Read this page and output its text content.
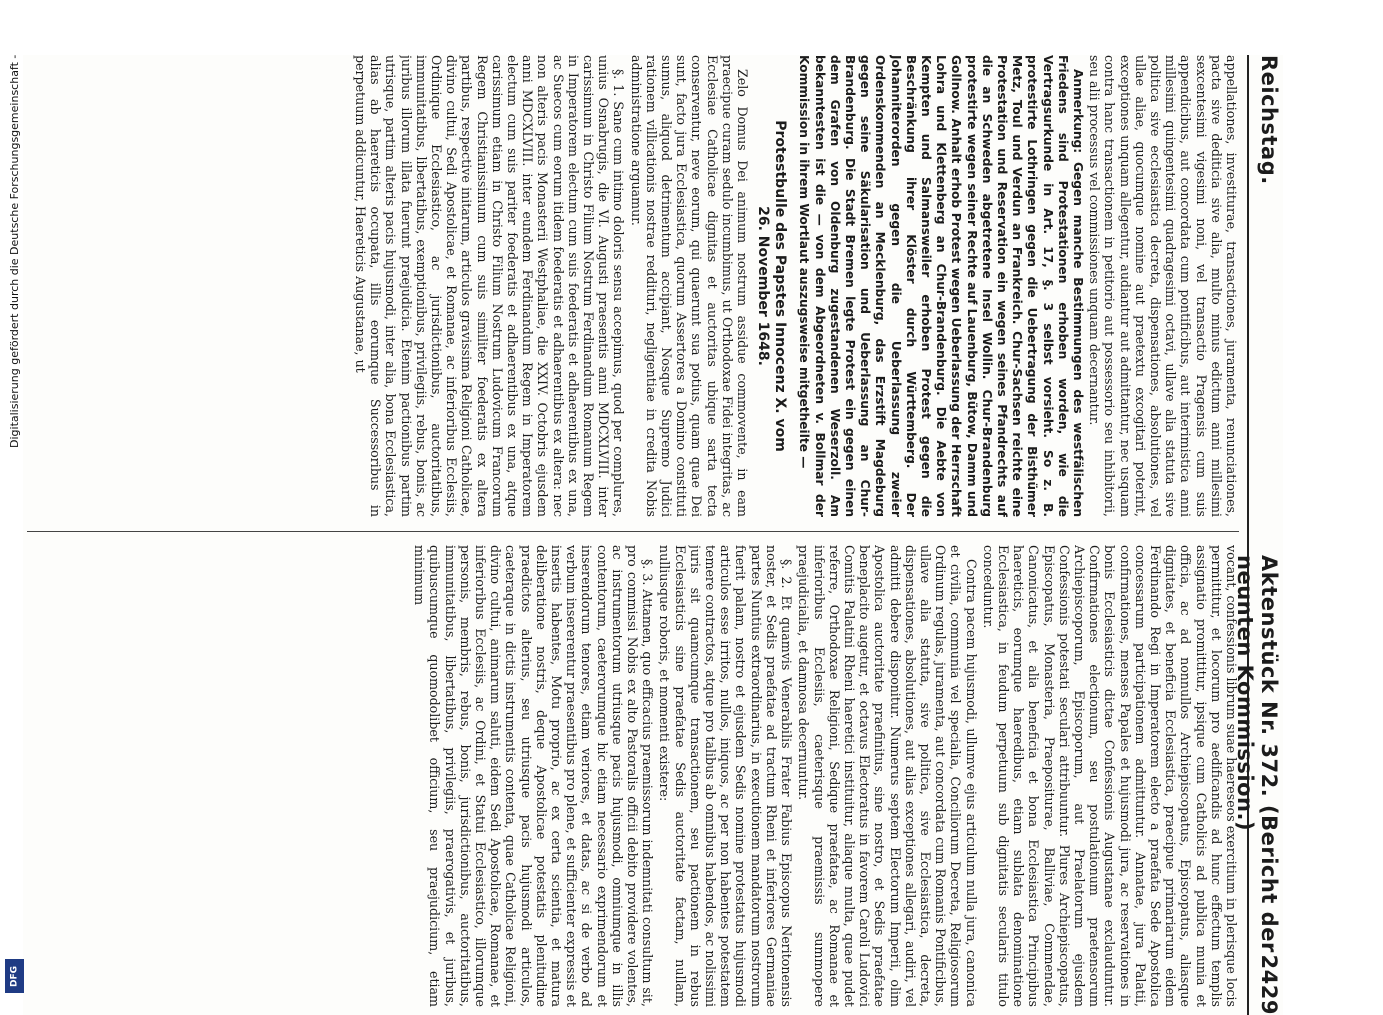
Reichstag.
Aktenstück Nr. 372. (Bericht der neunten Kommission.)
2429

appellationes, investiturae, transactiones, juramenta, renunciationes, pacta sive dediticia sive alia, multo minus edictum anni millesimi sexcentesimi vigesimi noni, vel transactio Pragensis cum suis appendicibus, aut concordata cum pontificibus, aut interimistica anni millesimi quingentesimi quadragesimi octavi, ullave alia statuta sive politica sive ecclesiastica decreta, dispensationes, absolutiones, vel ullae aliae, quocumque nomine aut praetextu excogitari poterint, exceptiones unquam allegentur, audiantur aut admittantur, nec usquam contra hanc transactionem in petitorio aut possessorio seu inhibitorii, seu alii processus vel commissiones unquam decernantur.

Anmerkung: Gegen manche Bestimmungen des westfälischen Friedens sind Protestationen erhoben worden, wie die Vertragsurkunde in Art. 17, §. 3 selbst vorsieht. So z. B. protestirte Lothringen gegen die Uebertragung der Bisthümer Metz, Toul und Verdun an Frankreich. Chur-Sachsen reichte eine Protestation und Reservation ein wegen seines Pfandrechts auf die an Schweden abgetretene Insel Wollin. Chur-Brandenburg protestirte wegen seiner Rechte auf Lauenburg, Bütow, Damm und Gollnow. Anhalt erhob Protest wegen Ueberlassung der Herrschaft Lohra und Klettenberg an Chur-Brandenburg. Die Aebte von Kempten und Salmansweiler erhoben Protest gegen die Beschränkung ihrer Klöster durch Württemberg. Der Johanniterorden gegen die Ueberlassung zweier Ordenskommenden an Mecklenburg, das Erzstift Magdeburg gegen seine Säkularisation und Ueberlassung an Chur-Brandenburg. Die Stadt Bremen legte Protest ein gegen einen dem Grafen von Oldenburg zugestandenen Weserzoll. Am bekanntesten ist die — von dem Abgeordneten v. Bollmar der Kommission in ihrem Wortlaut auszugsweise mitgetheilte —

Protestbulle des Papstes Innocenz X. vom
26. November 1648.

Zelo Domus Dei animum nostrum assidue commovente, in eam praecipue curam sedulo incumbimus, ut Orthodoxae Fidei integritas, ac Ecclesiae Catholicae dignitas et auctoritas ubique sarta tecta conserventur, neve eorum, qui quaerunt sua potius, quam quae Dei sunt, facto jura Ecclesiastica, quorum Assertores a Domino constituti sumus, aliquod detrimentum accipiant, Nosque Supremo Judici rationem villicationis nostrae reddituri, negligentiae in credita Nobis administratione arguamur.

§. 1. Sane cum intimo doloris sensu accepimus, quod per complures, unius Osnabrugis, die VI. Augusti praesentis anni MDCXLVIII. inter carissimum in Christo Filium Nostrum Ferdinandum Romanum Regem in Imperatorem electum cum suis foederatis et adhaerentibus ex una, ac Suecos cum eorum itidem foederatis et adhaerentibus ex altera: nec non alteris pacis Monasterii Westphaliae, die XXIV. Octobris ejusdem anni MDCXLVIII. inter eundem Ferdinandum Regem in Imperatorem electum cum suis pariter foederatis et adhaerentibus ex una, atque carissimum etiam in Christo Filium Nostrum Ludovicum Francorum Regem Christianissimum cum suis similiter foederatis ex altera partibus, respective initarum, articulos gravissima Religioni Catholicae, divino cultui, Sedi Apostolicae, et Romanae, ac inferioribus Ecclesiis, Ordinique Ecclesiastico, ac jurisdictionibus, auctoritatibus, immunitatibus, libertatibus, exemptionibus, privilegiis, rebus, bonis, ac juribus illorum illata fuerunt praejudicia. Etenim pactionibus partim utrisque, partim alteris pacis hujusmodi, inter alia, bona Ecclesiastica, alias ab haereticis occupata, illis eorumque Successoribus in perpetuum addicuntur, Haereticis Augustanae, ut

vocant, confessionis librum suae haereseos exercitium in plerisque locis permittitur, et locorum pro aedificandis ad hunc effectum templis assignatio promittitur, ipsique cum Catholicis ad publica munia et officia, ac ad nonnullos Archiepiscopatus, Episcopatus, aliasque dignitates, et beneficia Ecclesiastica, praecipue primariarum eidem Ferdinando Regi in Imperatorem electo a praefata Sede Apostolica concessarum participationem admittuntur. Annatae, jura Palatii, confirmationes, menses Papales et hujusmodi jura, ac reservationes in bonis Ecclesiasticis dictae Confessionis Augustanae exclauduntur. Confirmationes electionum, seu postulationum praetensorum Archiepiscoporum, Episcoporum, aut Praelatorum ejusdem Confessionis potestati seculari attribuuntur. Plures Archiepiscopatus, Episcopatus, Monasteria, Praepositurae, Balliviae, Commendae, Canonicatus, et alia beneficia et bona Ecclesiastica Principibus haereticis, eorumque haeredibus, etiam sublata denominatione Ecclesiastica, in feudum perpetuum sub dignitatis secularis titulo conceduntur.

Contra pacem hujusmodi, ullumve ejus articulum nulla jura, canonica et civilia, communia vel specialia, Conciliorum Decreta, Religiosorum Ordinum regulas, juramenta, aut concordata cum Romanis Pontificibus, ullave alia statuta, sive politica, sive Ecclesiastica, decreta, dispensationes, absolutiones, aut alias exceptiones allegari, audiri, vel admitti debere disponitur. Numerus septem Electorum Imperii, olim Apostolica auctoritate praefinitus, sine nostro, et Sedis praefatae beneplacito augetur, et octavus Electoratus in favorem Caroli Ludovici Comitis Palatini Rheni haeretici instituitur, aliaque multa, quae pudet referre, Orthodoxae Religioni, Sedique praefatae, ac Romanae et inferioribus Ecclesiis, caeterisque praemissis summopere praejudicialia, et damnosa decernuntur.

§. 2. Et quamvis Venerabilis Frater Fabius Episcopus Neritonensis noster, et Sedis praefatae ad tractum Rheni et inferiores Germaniae partes Nuntius extraordinarius, in executionem mandatorum nostrorum fuerit palam, nostro et ejusdem Sedis nomine protestatus hujusmodi articulos esse irritos, nullos, iniquos, ac per non habentes potestatem temere contractos, atque pro talibus ab omnibus habendos, ac nolissimi juris sit quamcumque transactionem, seu pactionem in rebus Ecclesiasticis sine praefatae Sedis auctoritate factam, nullam, nulliusque roboris, et momenti existere:

§. 3. Attamen, quo efficacius praemissorum indemnitati consultum sit, pro commissi Nobis ex alto Pastoralis officii debito providere volentes, ac instrumentorum utriusque pacis hujusmodi, omniumque in illis contentorum, caeterorumque hic etiam necessario exprimendorum et inserendorum tenores, etiam veriores, et datas, ac si de verbo ad verbum insererentur praesentibus pro plene, et sufficienter expressis et insertis habentes, Motu proprio, ac ex certa scientia, et matura deliberatione nostris, deque Apostolicae potestatis plenitudine praedictos alterius, seu utriusque pacis hujusmodi articulos, caeteraque in dictis instrumentis contenta, quae Catholicae Religioni, divino cultui, animarum saluti, eidem Sedi Apostolicae, Romanae, et inferioribus Ecclesiis, ac Ordini, et Statui Ecclesiastico, illorumque personis, membris, rebus, bonis, jurisdictionibus, auctoritatibus, immunitatibus, libertatibus, privilegiis, praerogativis, et juribus, quibuscumque quomodolibet officium, seu praejudicium, etiam minimum

Digitalisierung gefördert durch die Deutsche Forschungsgemeinschaft -
DFG
